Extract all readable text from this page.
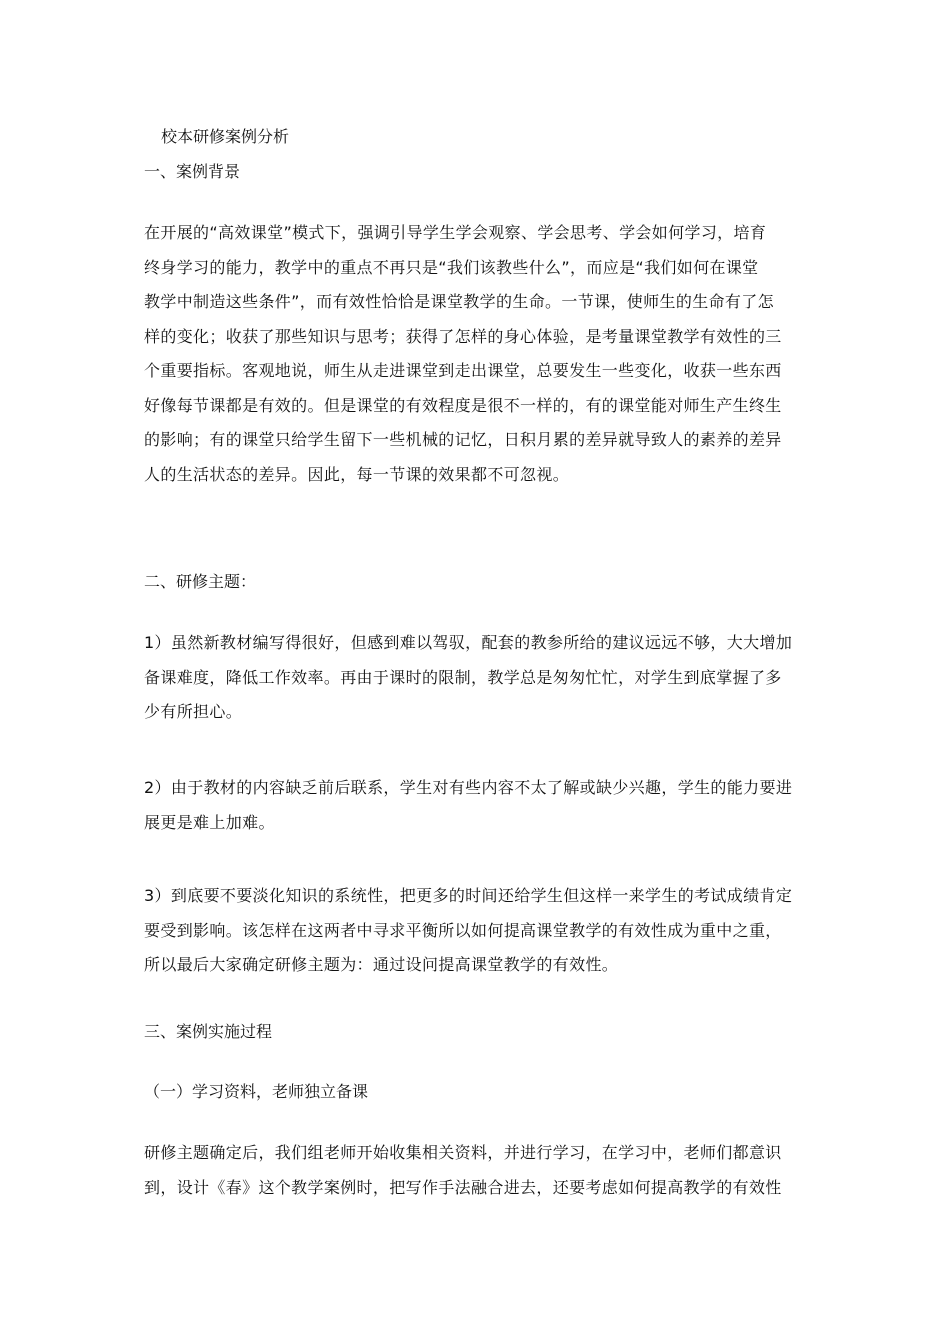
校本研修案例分析
一、案例背景
在开展的“高效课堂”模式下，强调引导学生学会观察、学会思考、学会如何学习，培育
终身学习的能力，教学中的重点不再只是“我们该教些什么”，而应是“我们如何在课堂
教学中制造这些条件”，而有效性恰恰是课堂教学的生命。一节课，使师生的生命有了怎
样的变化；收获了那些知识与思考；获得了怎样的身心体验，是考量课堂教学有效性的三
个重要指标。客观地说，师生从走进课堂到走出课堂，总要发生一些变化，收获一些东西
好像每节课都是有效的。但是课堂的有效程度是很不一样的，有的课堂能对师生产生终生
的影响；有的课堂只给学生留下一些机械的记忆，日积月累的差异就导致人的素养的差异
人的生活状态的差异。因此，每一节课的效果都不可忽视。
二、研修主题：
1）虽然新教材编写得很好，但感到难以驾驭，配套的教参所给的建议远远不够，大大增加
备课难度，降低工作效率。再由于课时的限制，教学总是匆匆忙忙，对学生到底掌握了多
少有所担心。
2）由于教材的内容缺乏前后联系，学生对有些内容不太了解或缺少兴趣，学生的能力要进
展更是难上加难。
3）到底要不要淡化知识的系统性，把更多的时间还给学生但这样一来学生的考试成绩肯定
要受到影响。该怎样在这两者中寻求平衡所以如何提高课堂教学的有效性成为重中之重，
所以最后大家确定研修主题为：通过设问提高课堂教学的有效性。
三、案例实施过程
（一）学习资料，老师独立备课
研修主题确定后，我们组老师开始收集相关资料，并进行学习，在学习中，老师们都意识
到，设计《春》这个教学案例时，把写作手法融合进去，还要考虑如何提高教学的有效性
